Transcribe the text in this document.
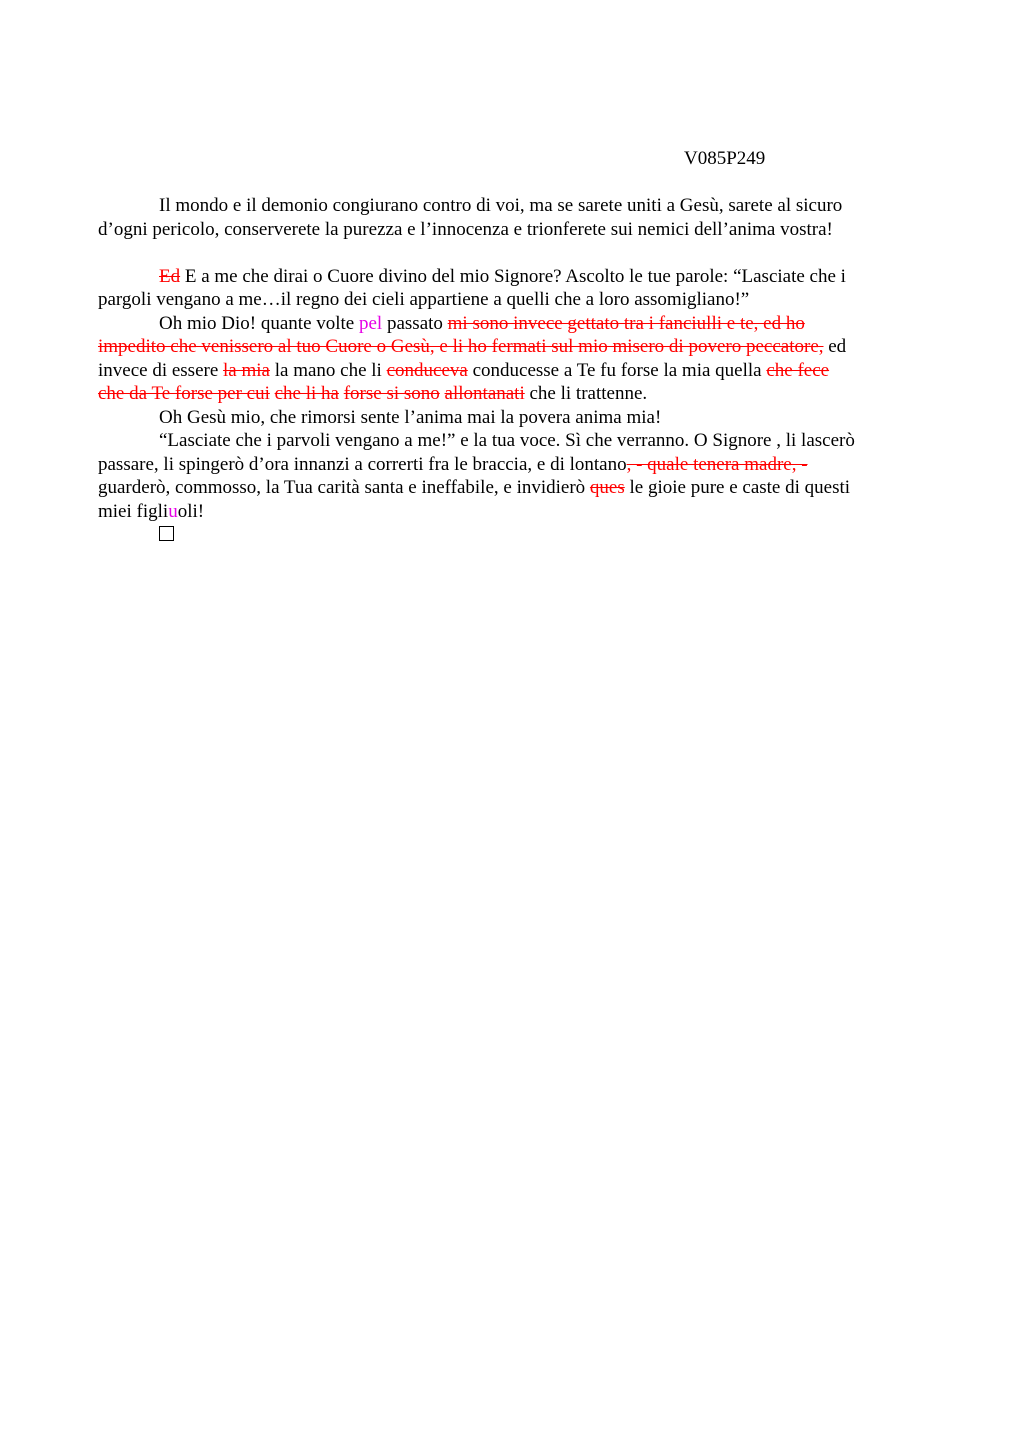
V085P249

Il mondo e il demonio congiurano contro di voi, ma se sarete uniti a Gesù, sarete al sicuro

d’ogni pericolo, conserverete la purezza e l’innocenza e trionferete sui nemici dell’anima vostra!

Ed E a me che dirai o Cuore divino del mio Signore? Ascolto le tue parole: “Lasciate che i

pargoli vengano a me…il regno dei cieli appartiene a quelli che a loro assomigliano!”

Oh mio Dio! quante volte pel passato mi sono invece gettato tra i fanciulli e te, ed ho

impedito che venissero al tuo Cuore o Gesù, e li ho fermati sul mio misero di povero peccatore, ed
invece di essere la mia la mano che li conduceva conducesse a Te fu forse la mia quella che fece
che da Te forse per cui che li ha forse si sono allontanati che li trattenne.

Oh Gesù mio, che rimorsi sente l’anima mai la povera anima mia!

“Lasciate che i parvoli vengano a me!” e la tua voce. Sì che verranno. O Signore , li lascerò

passare, li spingerò d’ora innanzi a correrti fra le braccia, e di lontano, - quale tenera madre, -
guarderò, commosso, la Tua carità santa e ineffabile, e invidierò ques le gioie pure e caste di questi
miei figliuoli!
